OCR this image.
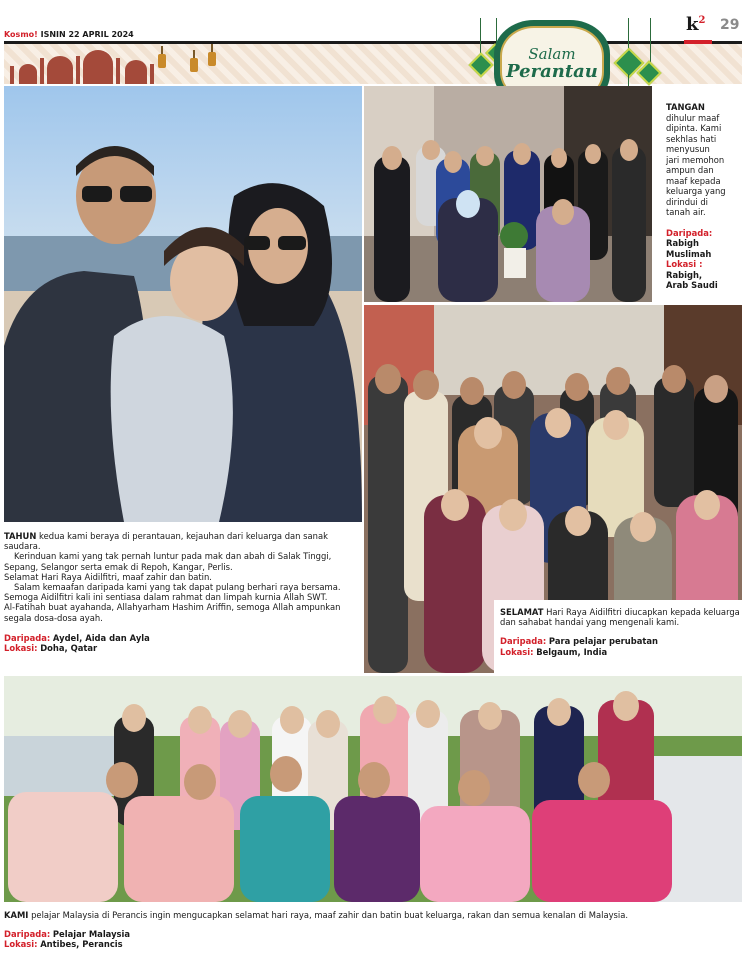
Kosmo! ISNIN 22 APRIL 2024
Salam
Perantau
$k^2$ 29

TAHUN kedua kami beraya di perantauan, kejauhan dari keluarga dan sanak saudara.

Kerinduan kami yang tak pernah luntur pada mak dan abah di Salak Tinggi, Sepang, Selangor serta emak di Repoh, Kangar, Perlis.

Selamat Hari Raya Aidilfitri, maaf zahir dan batin.

Salam kemaafan daripada kami yang tak dapat pulang berhari raya bersama.

Semoga Aidilfitri kali ini sentiasa dalam rahmat dan limpah kurnia Allah SWT.

Al-Fatihah buat ayahanda, Allahyarham Hashim Ariffin, semoga Allah ampunkan segala dosa-dosa ayah.

Daripada: Aydel, Aida dan Ayla

Lokasi: Doha, Qatar

TANGAN

dihulur maaf

dipinta. Kami

sekhlas hati

menyusun

jari memohon

ampun dan

maaf kepada

keluarga yang

dirindui di

tanah air.

Daripada:

Rabigh

Muslimah

Lokasi :

Rabigh,

Arab Saudi

SELAMAT Hari Raya Aidilfitri diucapkan kepada keluarga dan sahabat handai yang mengenali kami.

Daripada: Para pelajar perubatan

Lokasi: Belgaum, India

KAMI pelajar Malaysia di Perancis ingin mengucapkan selamat hari raya, maaf zahir dan batin buat keluarga, rakan dan semua kenalan di Malaysia.

Daripada: Pelajar Malaysia

Lokasi: Antibes, Perancis
